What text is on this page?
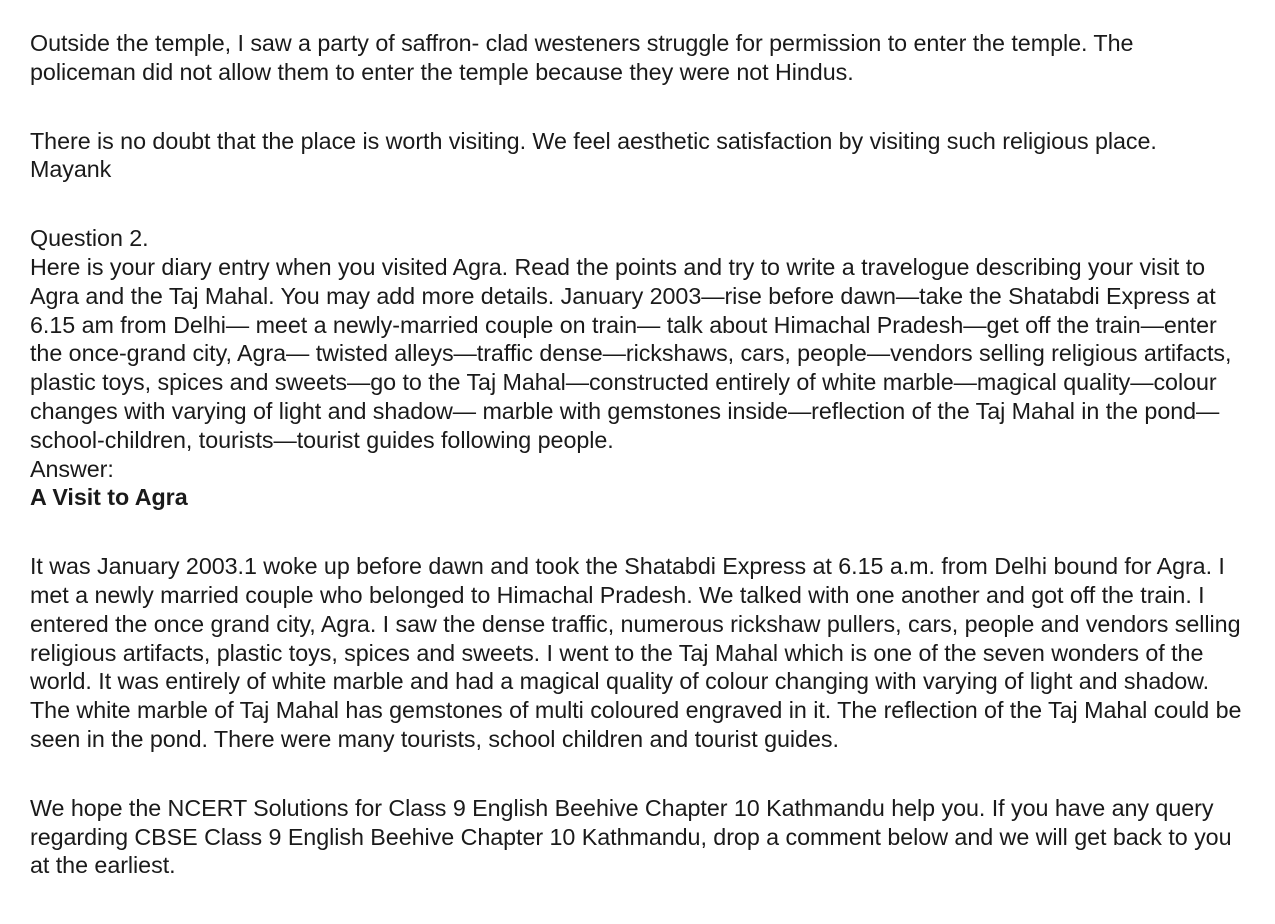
Outside the temple, I saw a party of saffron- clad westeners struggle for permission to enter the temple. The policeman did not allow them to enter the temple because they were not Hindus.

There is no doubt that the place is worth visiting. We feel aesthetic satisfaction by visiting such religious place.

Mayank

Question 2.

Here is your diary entry when you visited Agra. Read the points and try to write a travelogue describing your visit to Agra and the Taj Mahal. You may add more details. January 2003—rise before dawn—take the Shatabdi Express at 6.15 am from Delhi— meet a newly-married couple on train— talk about Himachal Pradesh—get off the train—enter the once-grand city, Agra— twisted alleys—traffic dense—rickshaws, cars, people—vendors selling religious artifacts, plastic toys, spices and sweets—go to the Taj Mahal—constructed entirely of white marble—magical quality—colour changes with varying of light and shadow— marble with gemstones inside—reflection of the Taj Mahal in the pond—school-children, tourists—tourist guides following people.

Answer:

A Visit to Agra

It was January 2003.1 woke up before dawn and took the Shatabdi Express at 6.15 a.m. from Delhi bound for Agra. I met a newly married couple who belonged to Himachal Pradesh. We talked with one another and got off the train. I entered the once grand city, Agra. I saw the dense traffic, numerous rickshaw pullers, cars, people and vendors selling religious artifacts, plastic toys, spices and sweets. I went to the Taj Mahal which is one of the seven wonders of the world. It was entirely of white marble and had a magical quality of colour changing with varying of light and shadow. The white marble of Taj Mahal has gemstones of multi coloured engraved in it. The reflection of the Taj Mahal could be seen in the pond. There were many tourists, school children and tourist guides.

We hope the NCERT Solutions for Class 9 English Beehive Chapter 10 Kathmandu help you. If you have any query regarding CBSE Class 9 English Beehive Chapter 10 Kathmandu, drop a comment below and we will get back to you at the earliest.
